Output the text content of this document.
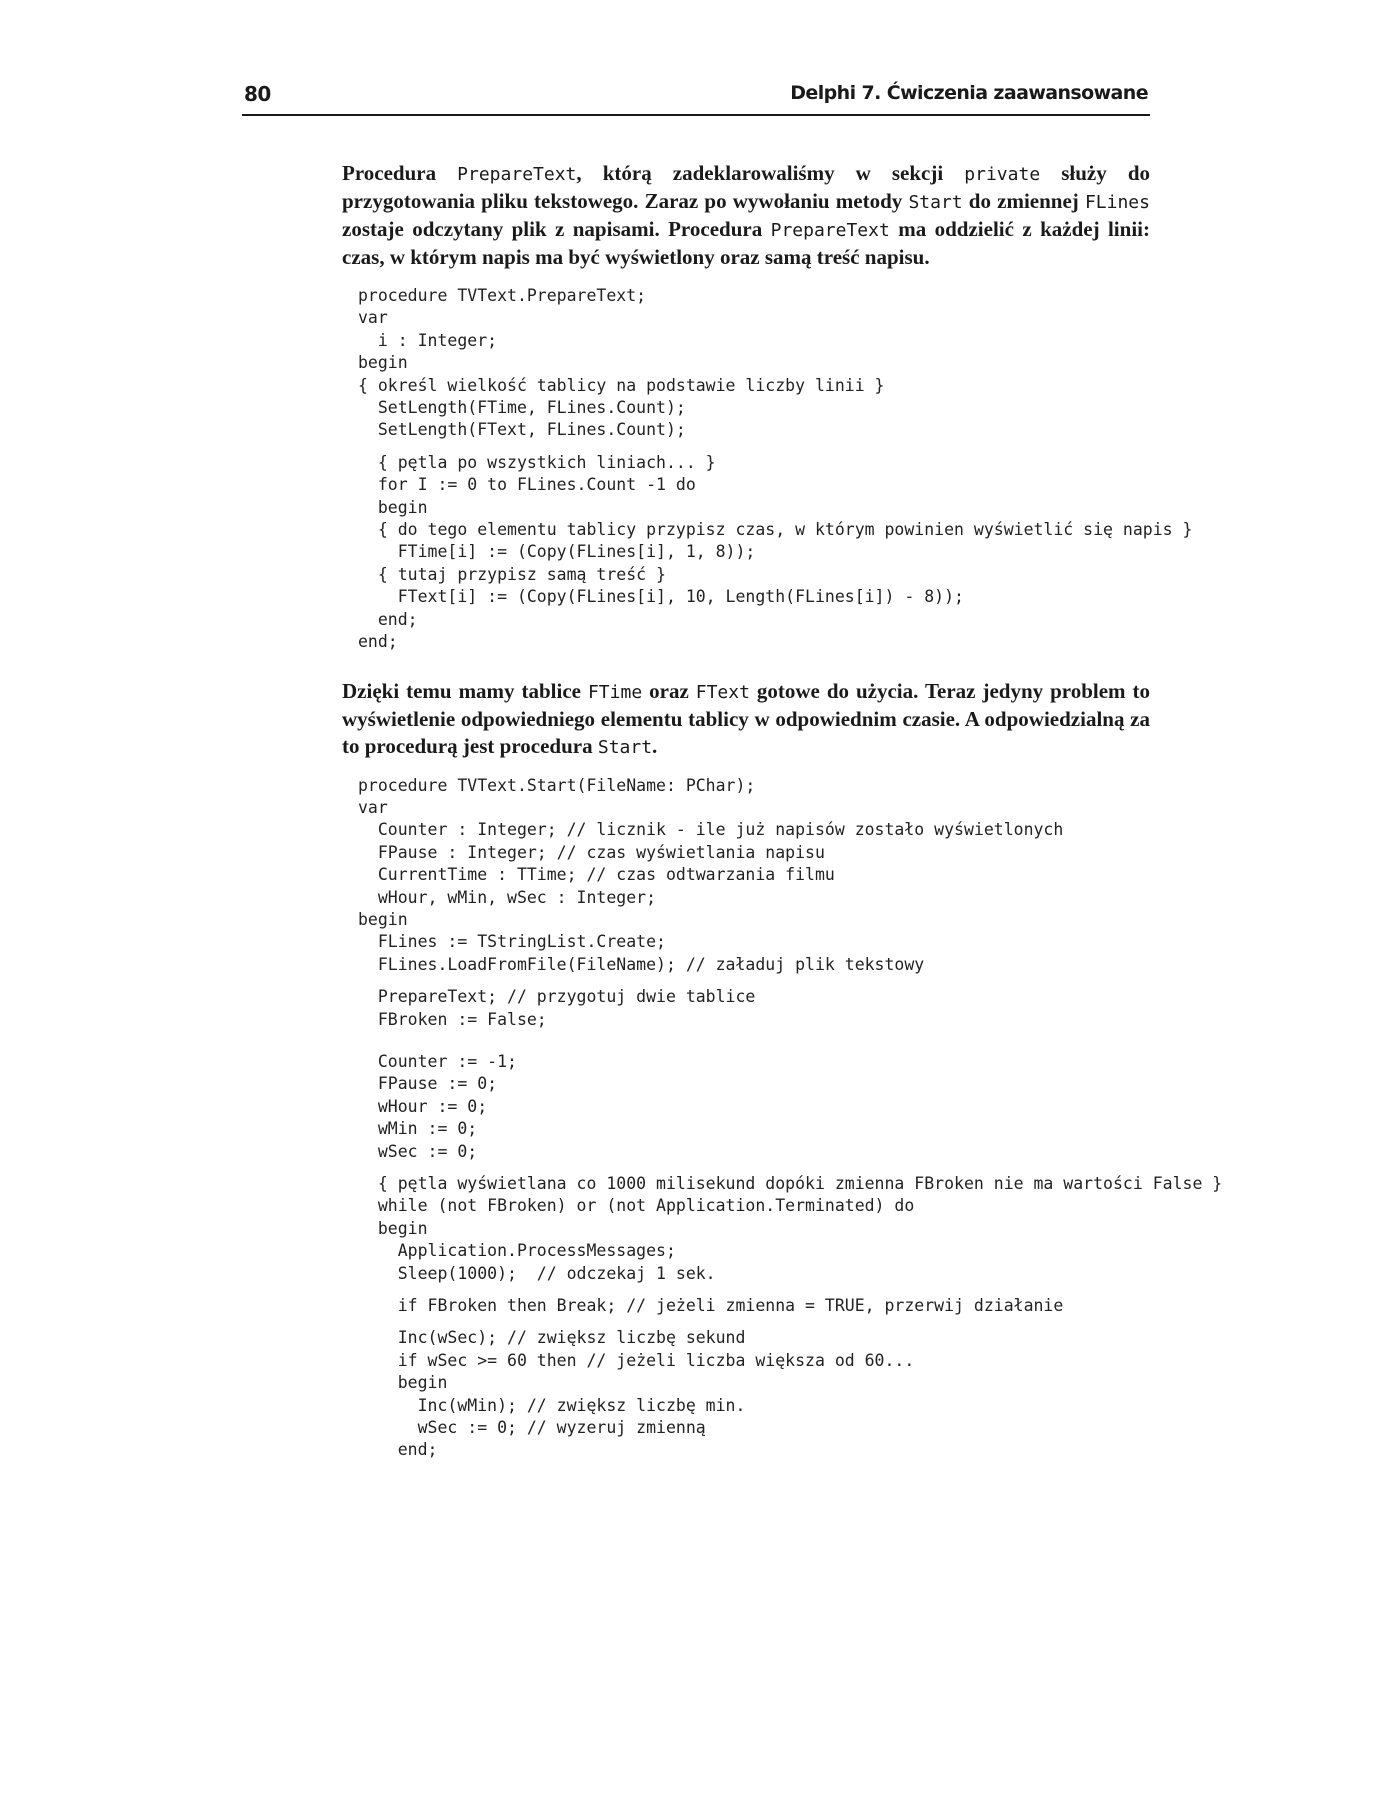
80	Delphi 7. Ćwiczenia zaawansowane

Procedura PrepareText, którą zadeklarowaliśmy w sekcji private służy do przygotowania pliku tekstowego. Zaraz po wywołaniu metody Start do zmiennej FLines zostaje odczytany plik z napisami. Procedura PrepareText ma oddzielić z każdej linii: czas, w którym napis ma być wyświetlony oraz samą treść napisu.

procedure TVText.PrepareText;
var
i : Integer;
begin
{ określ wielkość tablicy na podstawie liczby linii }
SetLength(FTime, FLines.Count);
SetLength(FText, FLines.Count);
{ pętla po wszystkich liniach... }
for I := 0 to FLines.Count -1 do
begin
{ do tego elementu tablicy przypisz czas, w którym powinien wyświetlić się napis }
FTime[i] := (Copy(FLines[i], 1, 8));
{ tutaj przypisz samą treść }
FText[i] := (Copy(FLines[i], 10, Length(FLines[i]) - 8));
end;
end;

Dzięki temu mamy tablice FTime oraz FText gotowe do użycia. Teraz jedyny problem to wyświetlenie odpowiedniego elementu tablicy w odpowiednim czasie. A odpowiedzialną za to procedurą jest procedura Start.

procedure TVText.Start(FileName: PChar);
var
Counter : Integer; // licznik - ile już napisów zostało wyświetlonych
FPause : Integer; // czas wyświetlania napisu
CurrentTime : TTime; // czas odtwarzania filmu
wHour, wMin, wSec : Integer;
begin
FLines := TStringList.Create;
FLines.LoadFromFile(FileName); // załaduj plik tekstowy
PrepareText; // przygotuj dwie tablice
FBroken := False;
Counter := -1;
FPause := 0;
wHour := 0;
wMin := 0;
wSec := 0;
{ pętla wyświetlana co 1000 milisekund dopóki zmienna FBroken nie ma wartości False }
while (not FBroken) or (not Application.Terminated) do
begin
Application.ProcessMessages;
Sleep(1000);  // odczekaj 1 sek.
if FBroken then Break; // jeżeli zmienna = TRUE, przerwij działanie
Inc(wSec); // zwiększ liczbę sekund
if wSec >= 60 then // jeżeli liczba większa od 60...
begin
Inc(wMin); // zwiększ liczbę min.
wSec := 0; // wyzeruj zmienną
end;
